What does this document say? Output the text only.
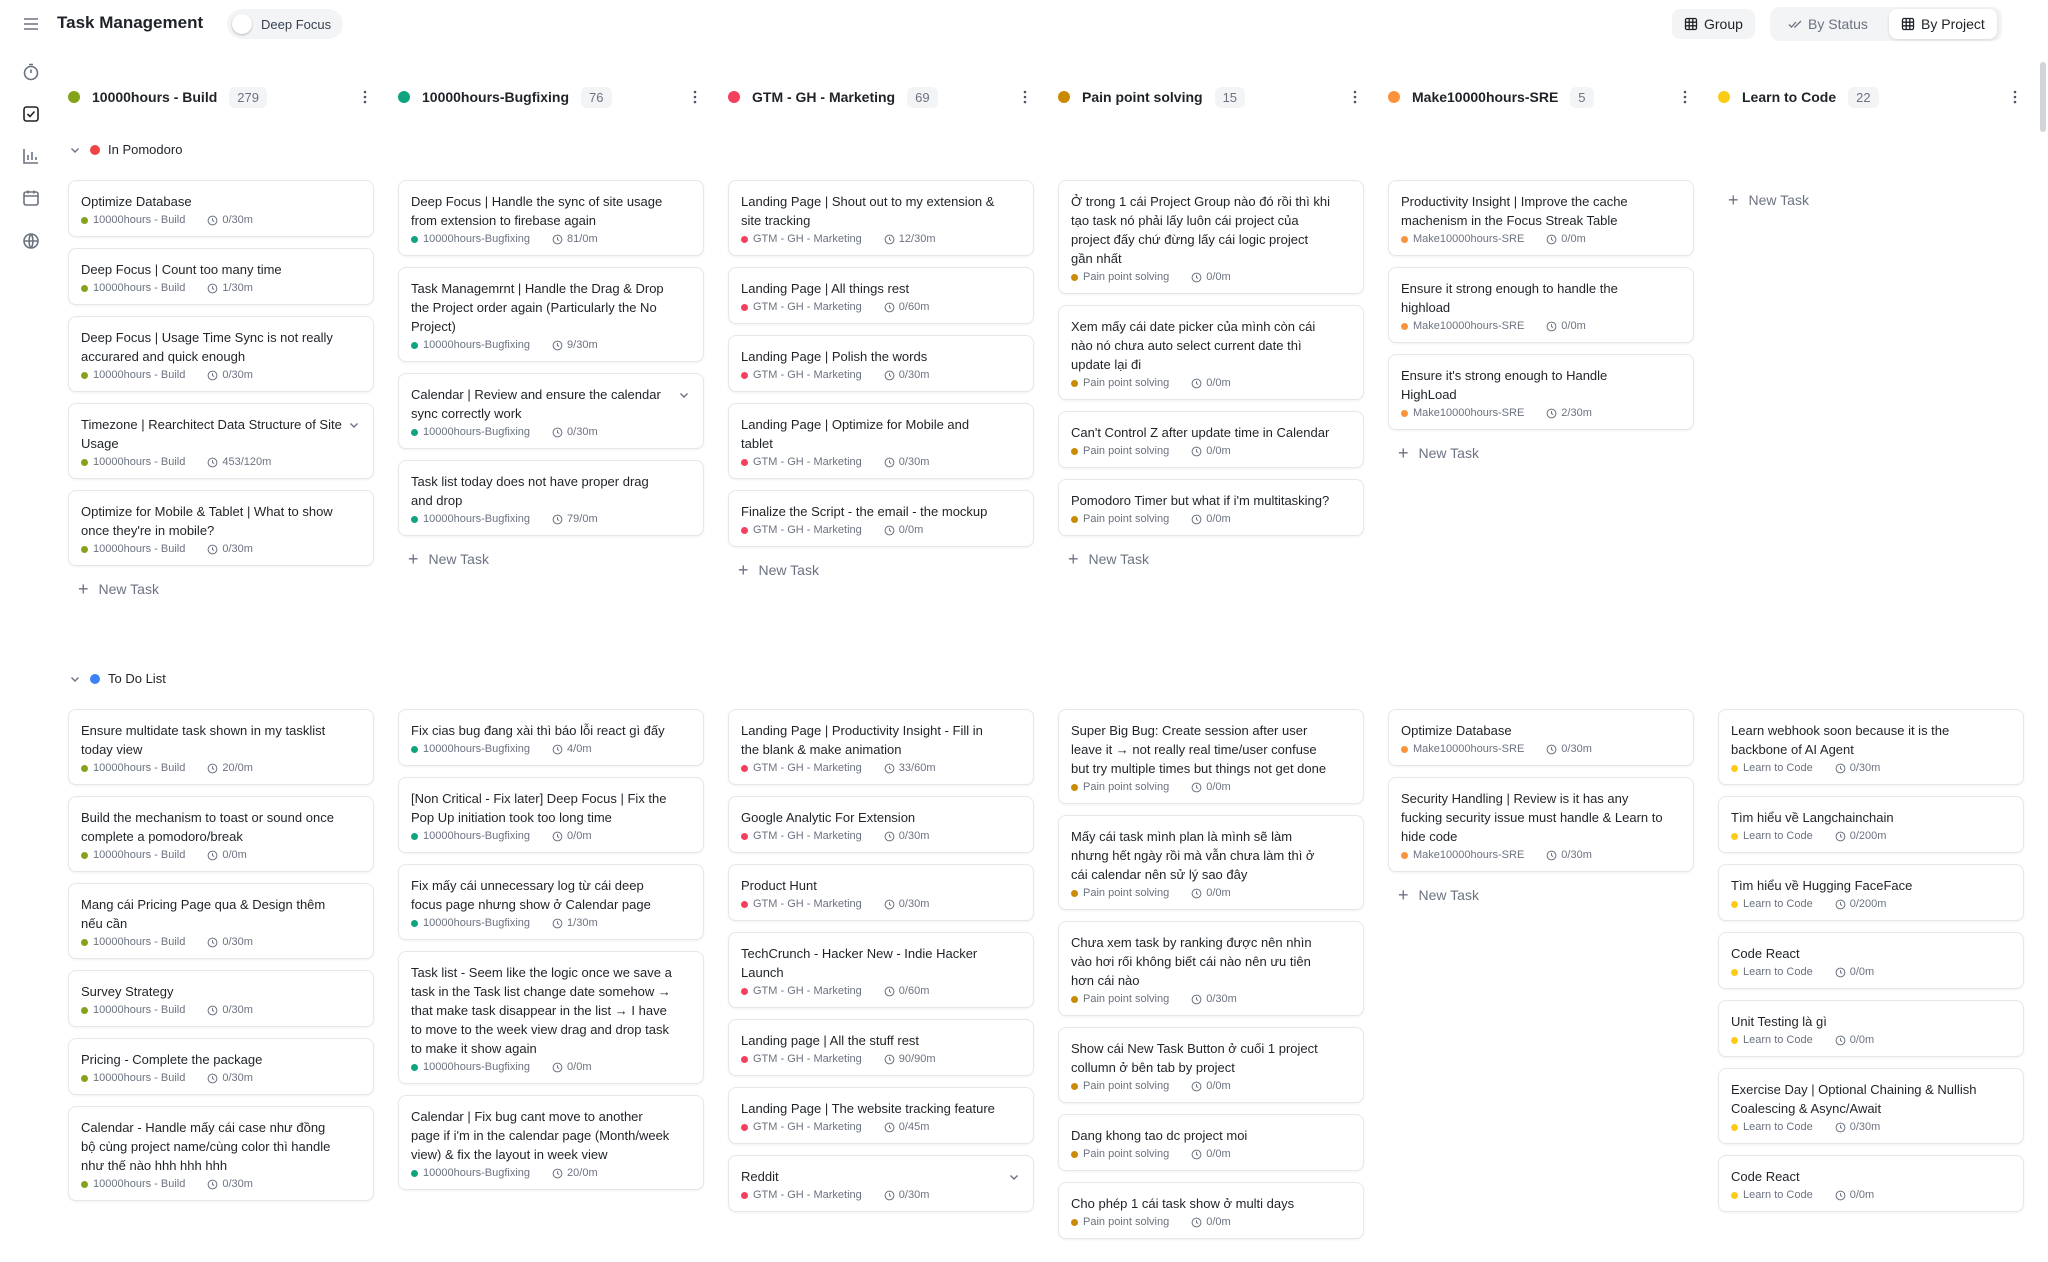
Task Management	Deep Focus	Group	By Status	By Project
In Pomodoro
To Do List
10000hours - Build	279
Optimize Database
10000hours - Build	0/30m
Deep Focus | Count too many time
10000hours - Build	1/30m
Deep Focus | Usage Time Sync is not really accurared and quick enough
10000hours - Build	0/30m
Timezone | Rearchitect Data Structure of Site Usage
10000hours - Build	453/120m
Optimize for Mobile & Tablet | What to show once they're in mobile?
10000hours - Build	0/30m
+ New Task
Ensure multidate task shown in my tasklist today view
10000hours - Build	20/0m
Build the mechanism to toast or sound once complete a pomodoro/break
10000hours - Build	0/0m
Mang cái Pricing Page qua & Design thêm nếu cần
10000hours - Build	0/30m
Survey Strategy
10000hours - Build	0/30m
Pricing - Complete the package
10000hours - Build	0/30m
Calendar - Handle mấy cái case như đồng bộ cùng project name/cùng color thì handle như thế nào hhh hhh hhh
10000hours - Build	0/30m
10000hours-Bugfixing	76
Deep Focus | Handle the sync of site usage from extension to firebase again
10000hours-Bugfixing	81/0m
Task Managemrnt | Handle the Drag & Drop the Project order again (Particularly the No Project)
10000hours-Bugfixing	9/30m
Calendar | Review and ensure the calendar sync correctly work
10000hours-Bugfixing	0/30m
Task list today does not have proper drag and drop
10000hours-Bugfixing	79/0m
+ New Task
Fix cias bug đang xài thì báo lỗi react gì đấy
10000hours-Bugfixing	4/0m
[Non Critical - Fix later] Deep Focus | Fix the Pop Up initiation took too long time
10000hours-Bugfixing	0/0m
Fix mấy cái unnecessary log từ cái deep focus page nhưng show ở Calendar page
10000hours-Bugfixing	1/30m
Task list - Seem like the logic once we save a task in the Task list change date somehow → that make task disappear in the list → I have to move to the week view drag and drop task to make it show again
10000hours-Bugfixing	0/0m
Calendar | Fix bug cant move to another page if i'm in the calendar page (Month/week view) & fix the layout in week view
10000hours-Bugfixing	20/0m
GTM - GH - Marketing	69
Landing Page | Shout out to my extension & site tracking
GTM - GH - Marketing	12/30m
Landing Page | All things rest
GTM - GH - Marketing	0/60m
Landing Page | Polish the words
GTM - GH - Marketing	0/30m
Landing Page | Optimize for Mobile and tablet
GTM - GH - Marketing	0/30m
Finalize the Script - the email - the mockup
GTM - GH - Marketing	0/0m
+ New Task
Landing Page | Productivity Insight - Fill in the blank & make animation
GTM - GH - Marketing	33/60m
Google Analytic For Extension
GTM - GH - Marketing	0/30m
Product Hunt
GTM - GH - Marketing	0/30m
TechCrunch - Hacker New - Indie Hacker Launch
GTM - GH - Marketing	0/60m
Landing page | All the stuff rest
GTM - GH - Marketing	90/90m
Landing Page | The website tracking feature
GTM - GH - Marketing	0/45m
Reddit
GTM - GH - Marketing	0/30m
Pain point solving	15
Ở trong 1 cái Project Group nào đó rồi thì khi tạo task nó phải lấy luôn cái project của project đấy chứ đừng lấy cái logic project gần nhất
Pain point solving	0/0m
Xem mấy cái date picker của mình còn cái nào nó chưa auto select current date thì update lại đi
Pain point solving	0/0m
Can't Control Z after update time in Calendar
Pain point solving	0/0m
Pomodoro Timer but what if i'm multitasking?
Pain point solving	0/0m
+ New Task
Super Big Bug: Create session after user leave it → not really real time/user confuse but try multiple times but things not get done
Pain point solving	0/0m
Mấy cái task mình plan là mình sẽ làm nhưng hết ngày rồi mà vẫn chưa làm thì ở cái calendar nên sử lý sao đây
Pain point solving	0/0m
Chưa xem task by ranking được nên nhìn vào hơi rối không biết cái nào nên ưu tiên hơn cái nào
Pain point solving	0/30m
Show cái New Task Button ở cuối 1 project collumn ở bên tab by project
Pain point solving	0/0m
Dang khong tao dc project moi
Pain point solving	0/0m
Cho phép 1 cái task show ở multi days
Pain point solving	0/0m
Make10000hours-SRE	5
Productivity Insight | Improve the cache machenism in the Focus Streak Table
Make10000hours-SRE	0/0m
Ensure it strong enough to handle the highload
Make10000hours-SRE	0/0m
Ensure it's strong enough to Handle HighLoad
Make10000hours-SRE	2/30m
+ New Task
Optimize Database
Make10000hours-SRE	0/30m
Security Handling | Review is it has any fucking security issue must handle & Learn to hide code
Make10000hours-SRE	0/30m
+ New Task
Learn to Code	22
+ New Task
Learn webhook soon because it is the backbone of AI Agent
Learn to Code	0/30m
Tìm hiểu về Langchainchain
Learn to Code	0/200m
Tìm hiểu về Hugging FaceFace
Learn to Code	0/200m
Code React
Learn to Code	0/0m
Unit Testing là gì
Learn to Code	0/0m
Exercise Day | Optional Chaining & Nullish Coalescing & Async/Await
Learn to Code	0/30m
Code React
Learn to Code	0/0m
